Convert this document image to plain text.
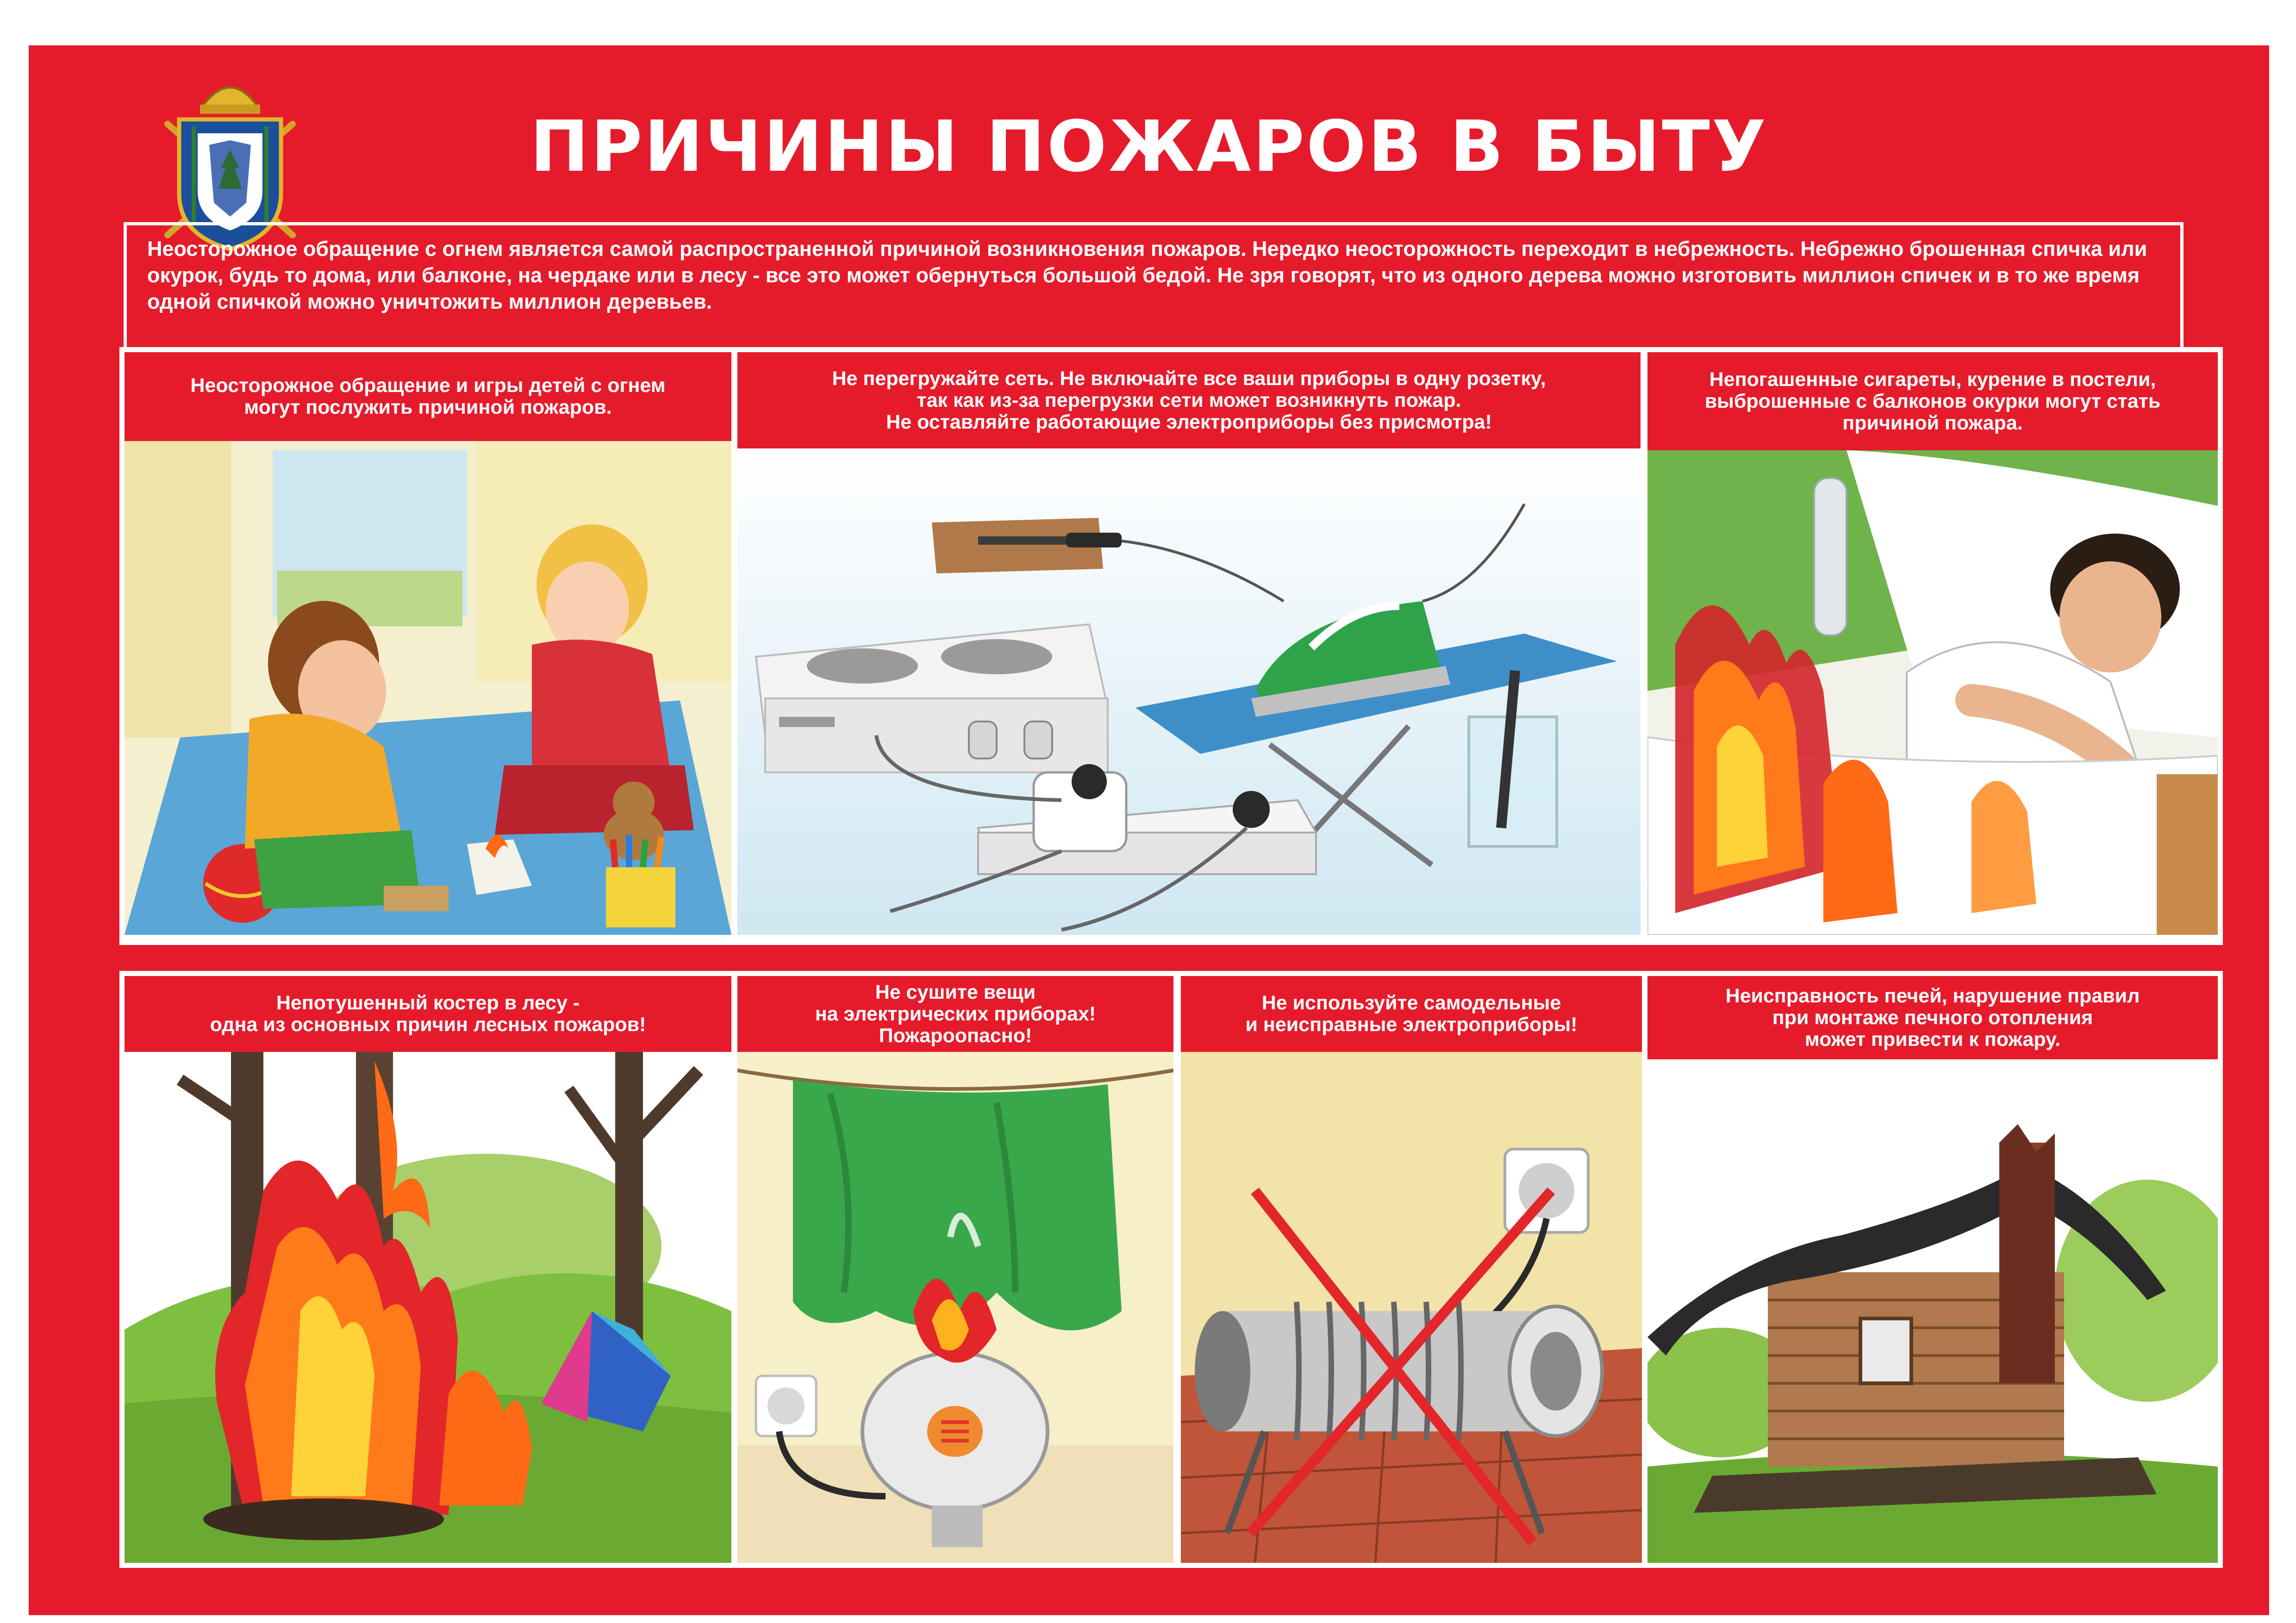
ПРИЧИНЫ ПОЖАРОВ В БЫТУ
Неосторожное обращение с огнем является самой распространенной причиной возникновения пожаров. Нередко неосторожность переходит в небрежность. Небрежно брошенная спичка или окурок, будь то дома, или балконе, на чердаке или в лесу - все это может обернуться большой бедой. Не зря говорят, что из одного дерева можно изготовить миллион спичек и в то же время одной спичкой можно уничтожить миллион деревьев.
Неосторожное обращение и игры детей с огнем
могут послужить причиной пожаров.
Не перегружайте сеть. Не включайте все ваши приборы в одну розетку,
так как из-за перегрузки сети может возникнуть пожар.
Не оставляйте работающие электроприборы без присмотра!
Непогашенные сигареты, курение в постели,
выброшенные с балконов окурки могут стать
причиной пожара.
Непотушенный костер в лесу -
одна из основных причин лесных пожаров!
Не сушите вещи
на электрических приборах!
Пожароопасно!
Не используйте самодельные
и неисправные электроприборы!
Неисправность печей, нарушение правил
при монтаже печного отопления
может привести к пожару.
